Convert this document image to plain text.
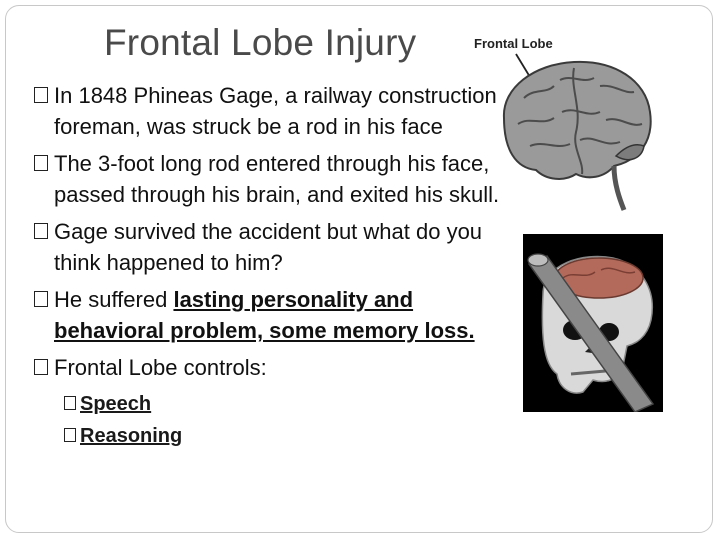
Frontal Lobe Injury

In 1848 Phineas Gage, a railway construction foreman, was struck be a rod in his face

The 3-foot long rod entered through his face, passed through his brain, and exited his skull.

Gage survived the accident but what do you think happened to him?

He suffered lasting personality and behavioral problem, some memory loss.

Frontal Lobe controls:

Speech

Reasoning

Frontal Lobe
